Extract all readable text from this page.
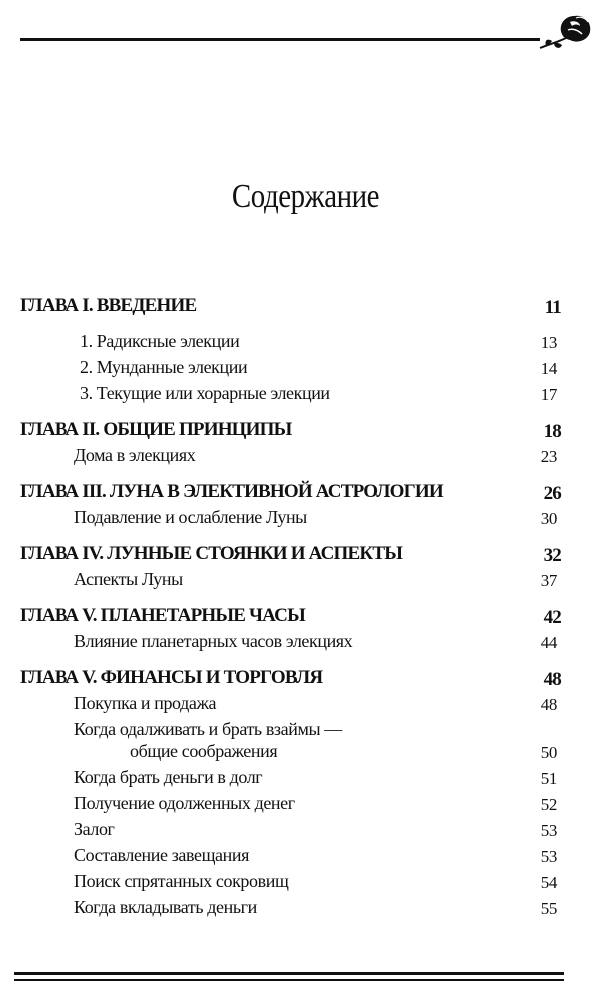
Содержание
ГЛАВА I. ВВЕДЕНИЕ	11
1. Радиксные элекции	13
2. Мунданные элекции	14
3. Текущие или хорарные элекции	17
ГЛАВА II. ОБЩИЕ ПРИНЦИПЫ	18
Дома в элекциях	23
ГЛАВА III. ЛУНА В ЭЛЕКТИВНОЙ АСТРОЛОГИИ	26
Подавление и ослабление Луны	30
ГЛАВА IV. ЛУННЫЕ СТОЯНКИ И АСПЕКТЫ	32
Аспекты Луны	37
ГЛАВА V. ПЛАНЕТАРНЫЕ ЧАСЫ	42
Влияние планетарных часов элекциях	44
ГЛАВА V. ФИНАНСЫ И ТОРГОВЛЯ	48
Покупка и продажа	48
Когда одалживать и брать взаймы —
общие соображения	50
Когда брать деньги в долг	51
Получение одолженных денег	52
Залог	53
Составление завещания	53
Поиск спрятанных сокровищ	54
Когда вкладывать деньги	55
